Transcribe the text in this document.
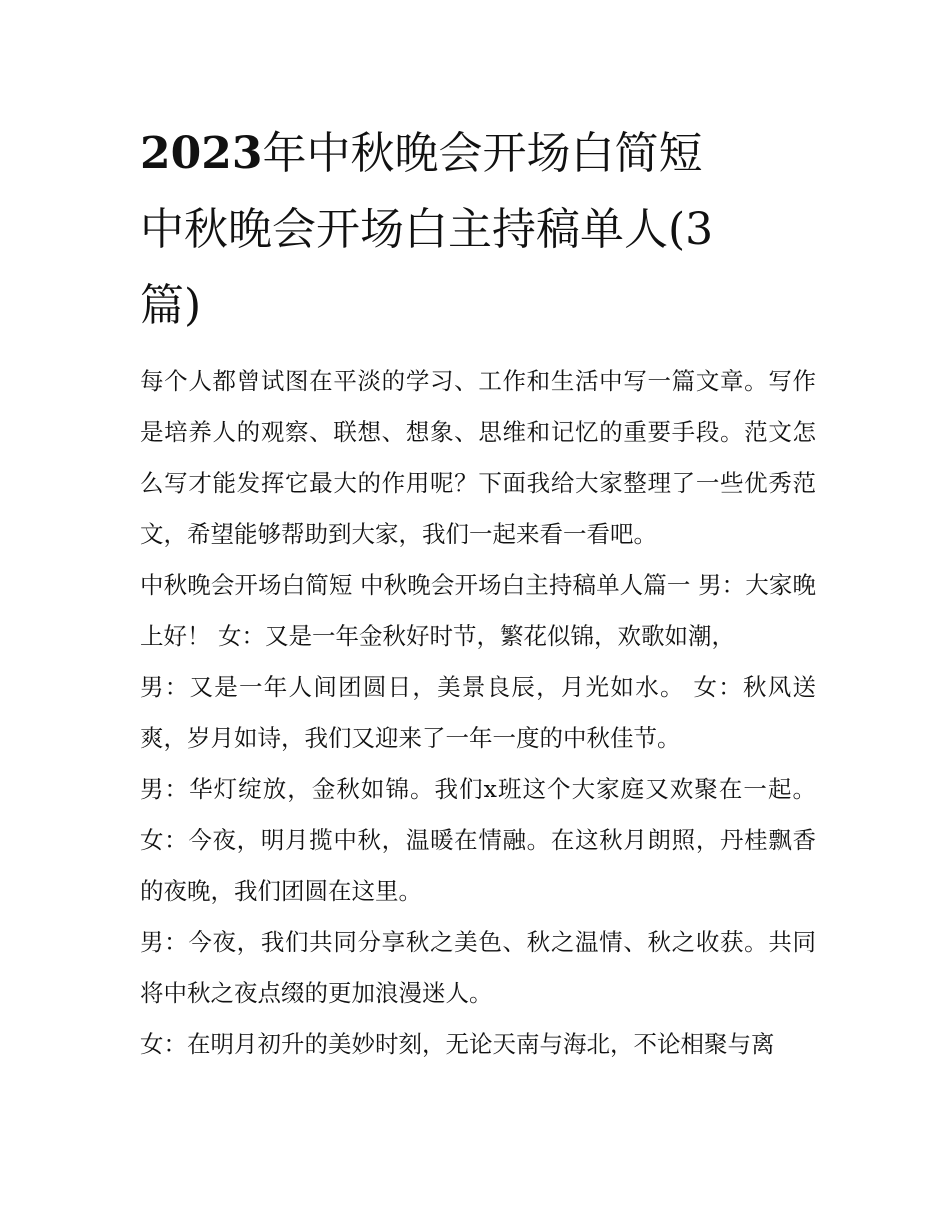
2023年中秋晚会开场白简短
中秋晚会开场白主持稿单人(3
篇)

每个人都曾试图在平淡的学习、工作和生活中写一篇文章。写作是培养人的观察、联想、想象、思维和记忆的重要手段。范文怎么写才能发挥它最大的作用呢？下面我给大家整理了一些优秀范文，希望能够帮助到大家，我们一起来看一看吧。

中秋晚会开场白简短 中秋晚会开场白主持稿单人篇一 男：大家晚上好！ 女：又是一年金秋好时节，繁花似锦，欢歌如潮，

男：又是一年人间团圆日，美景良辰，月光如水。 女：秋风送爽，岁月如诗，我们又迎来了一年一度的中秋佳节。

男：华灯绽放，金秋如锦。我们x班这个大家庭又欢聚在一起。 女：今夜，明月揽中秋，温暖在情融。在这秋月朗照，丹桂飘香的夜晚，我们团圆在这里。

男：今夜，我们共同分享秋之美色、秋之温情、秋之收获。共同将中秋之夜点缀的更加浪漫迷人。

女：在明月初升的美妙时刻，无论天南与海北，不论相聚与离
